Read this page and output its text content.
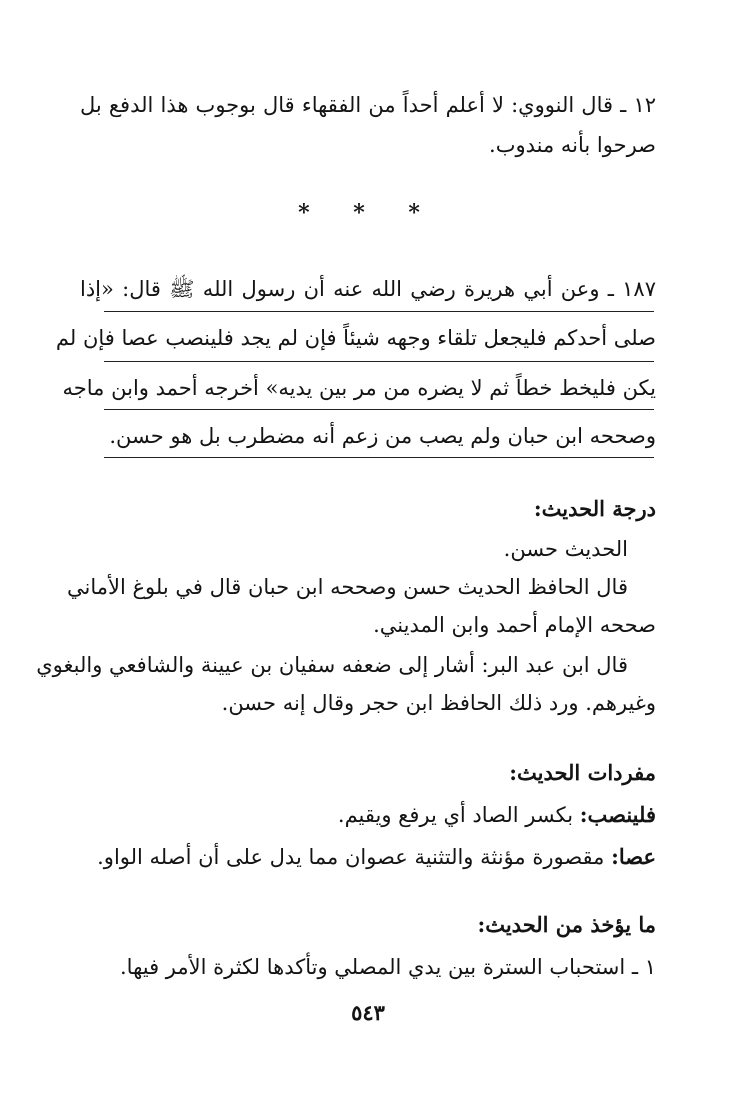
١٢ ـ قال النووي: لا أعلم أحداً من الفقهاء قال بوجوب هذا الدفع بل
صرحوا بأنه مندوب.
* * *
١٨٧ ـ وعن أبي هريرة رضي الله عنه أن رسول الله ﷺ قال: «إذا
صلى أحدكم فليجعل تلقاء وجهه شيئاً فإن لم يجد فلينصب عصا فإن لم
يكن فليخط خطاً ثم لا يضره من مر بين يديه» أخرجه أحمد وابن ماجه
وصححه ابن حبان ولم يصب من زعم أنه مضطرب بل هو حسن.
درجة الحديث:
الحديث حسن.
قال الحافظ الحديث حسن وصححه ابن حبان قال في بلوغ الأماني
صححه الإمام أحمد وابن المديني.
قال ابن عبد البر: أشار إلى ضعفه سفيان بن عيينة والشافعي والبغوي
وغيرهم. ورد ذلك الحافظ ابن حجر وقال إنه حسن.
مفردات الحديث:
فلينصب: بكسر الصاد أي يرفع ويقيم.
عصا: مقصورة مؤنثة والتثنية عصوان مما يدل على أن أصله الواو.
ما يؤخذ من الحديث:
١ ـ استحباب السترة بين يدي المصلي وتأكدها لكثرة الأمر فيها.
٥٤٣
